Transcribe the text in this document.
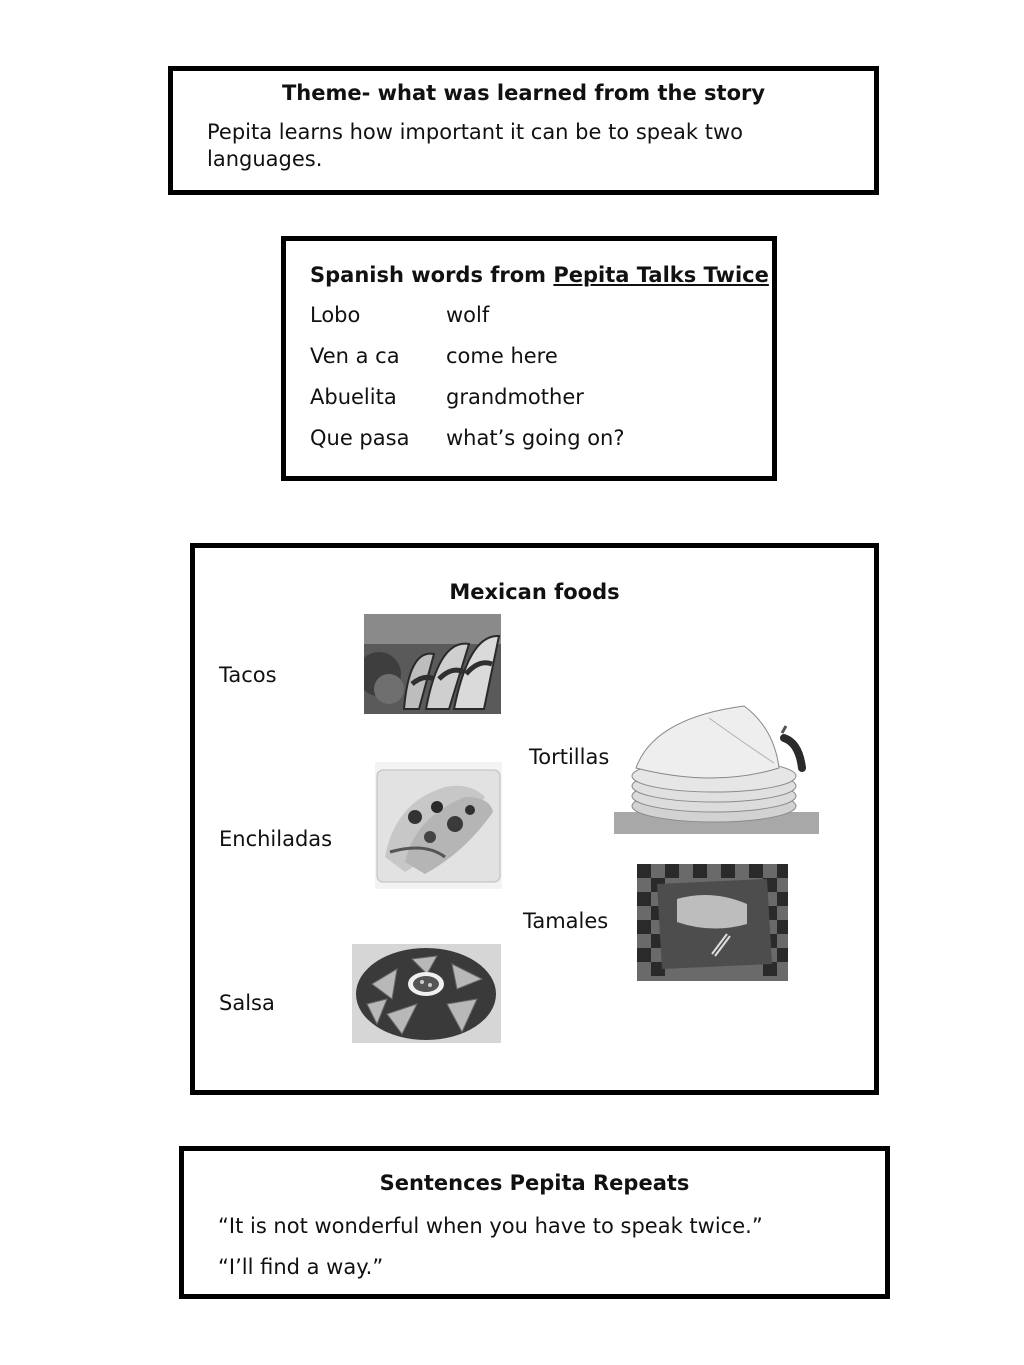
Theme- what was learned from the story
Pepita learns how important it can be to speak two languages.
Spanish words from Pepita Talks Twice
Lobo	wolf
Ven a ca come here
Abuelita grandmother
Que pasa what’s going on?
Mexican foods
Tacos
Tortillas
Enchiladas
Tamales
Salsa
Sentences Pepita Repeats
“It is not wonderful when you have to speak twice.”
“I’ll find a way.”
